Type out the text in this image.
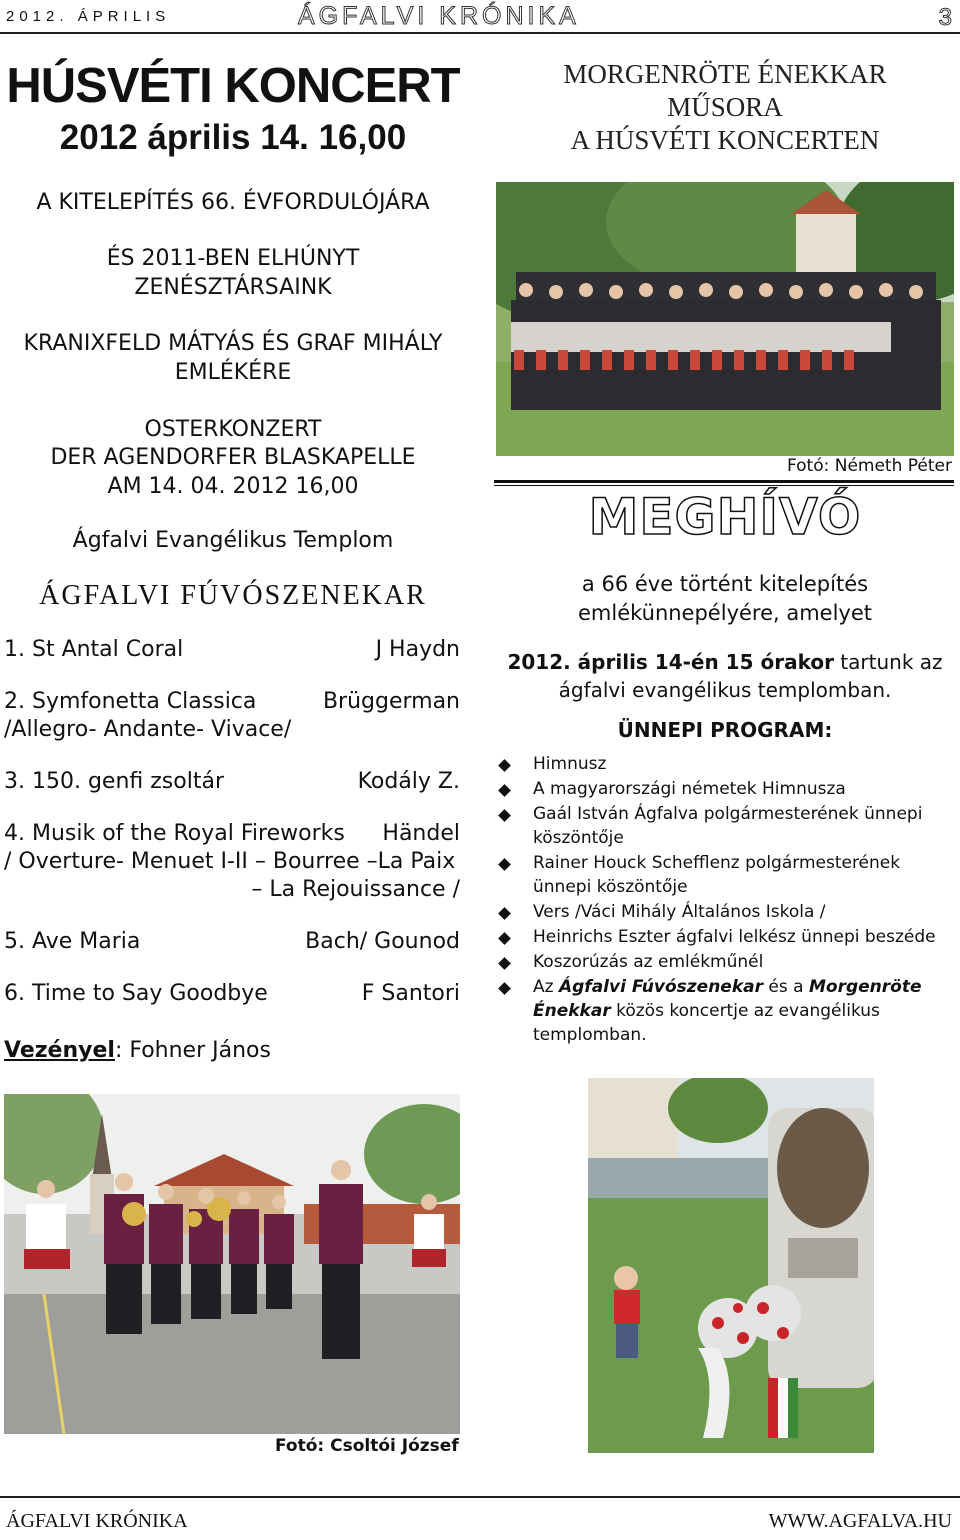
2012. ÁPRILIS	ÁGFALVI KRÓNIKA	3
HÚSVÉTI KONCERT
2012 április 14. 16,00
A KITELEPÍTÉS 66. ÉVFORDULÓJÁRA
ÉS 2011-BEN ELHÚNYT
ZENÉSZTÁRSAINK
KRANIXFELD MÁTYÁS ÉS GRAF MIHÁLY
EMLÉKÉRE
OSTERKONZERT
DER AGENDORFER BLASKAPELLE
AM 14. 04. 2012 16,00
Ágfalvi Evangélikus Templom
ÁGFALVI FÚVÓSZENEKAR
1. St Antal Coral	J Haydn
2. Symfonetta Classica	Brüggerman
/Allegro- Andante- Vivace/
3. 150. genfi zsoltár	Kodály Z.
4. Musik of the Royal Fireworks Händel
/ Overture- Menuet I-II – Bourree –La Paix
– La Rejouissance /
5. Ave Maria	Bach/ Gounod
6. Time to Say Goodbye	F Santori
Vezényel: Fohner János
MORGENRÖTE ÉNEKKAR
MŰSORA
A HÚSVÉTI KONCERTEN
Fotó: Németh Péter
MEGHÍVÓ
a 66 éve történt kitelepítés
emlékünnepélyére, amelyet
2012. április 14-én 15 órakor tartunk az
ágfalvi evangélikus templomban.
ÜNNEPI PROGRAM:
Himnusz
A magyarországi németek Himnusza
Gaál István Ágfalva polgármesterének ünnepi köszöntője
Rainer Houck Schefflenz polgármesterének ünnepi köszöntője
Vers /Váci Mihály Általános Iskola /
Heinrichs Eszter ágfalvi lelkész ünnepi beszéde
Koszorúzás az emlékműnél
Az Ágfalvi Fúvószenekar és a Morgenröte Énekkar közös koncertje az evangélikus templomban.
Fotó: Csoltói József
ÁGFALVI KRÓNIKA	WWW.AGFALVA.HU
